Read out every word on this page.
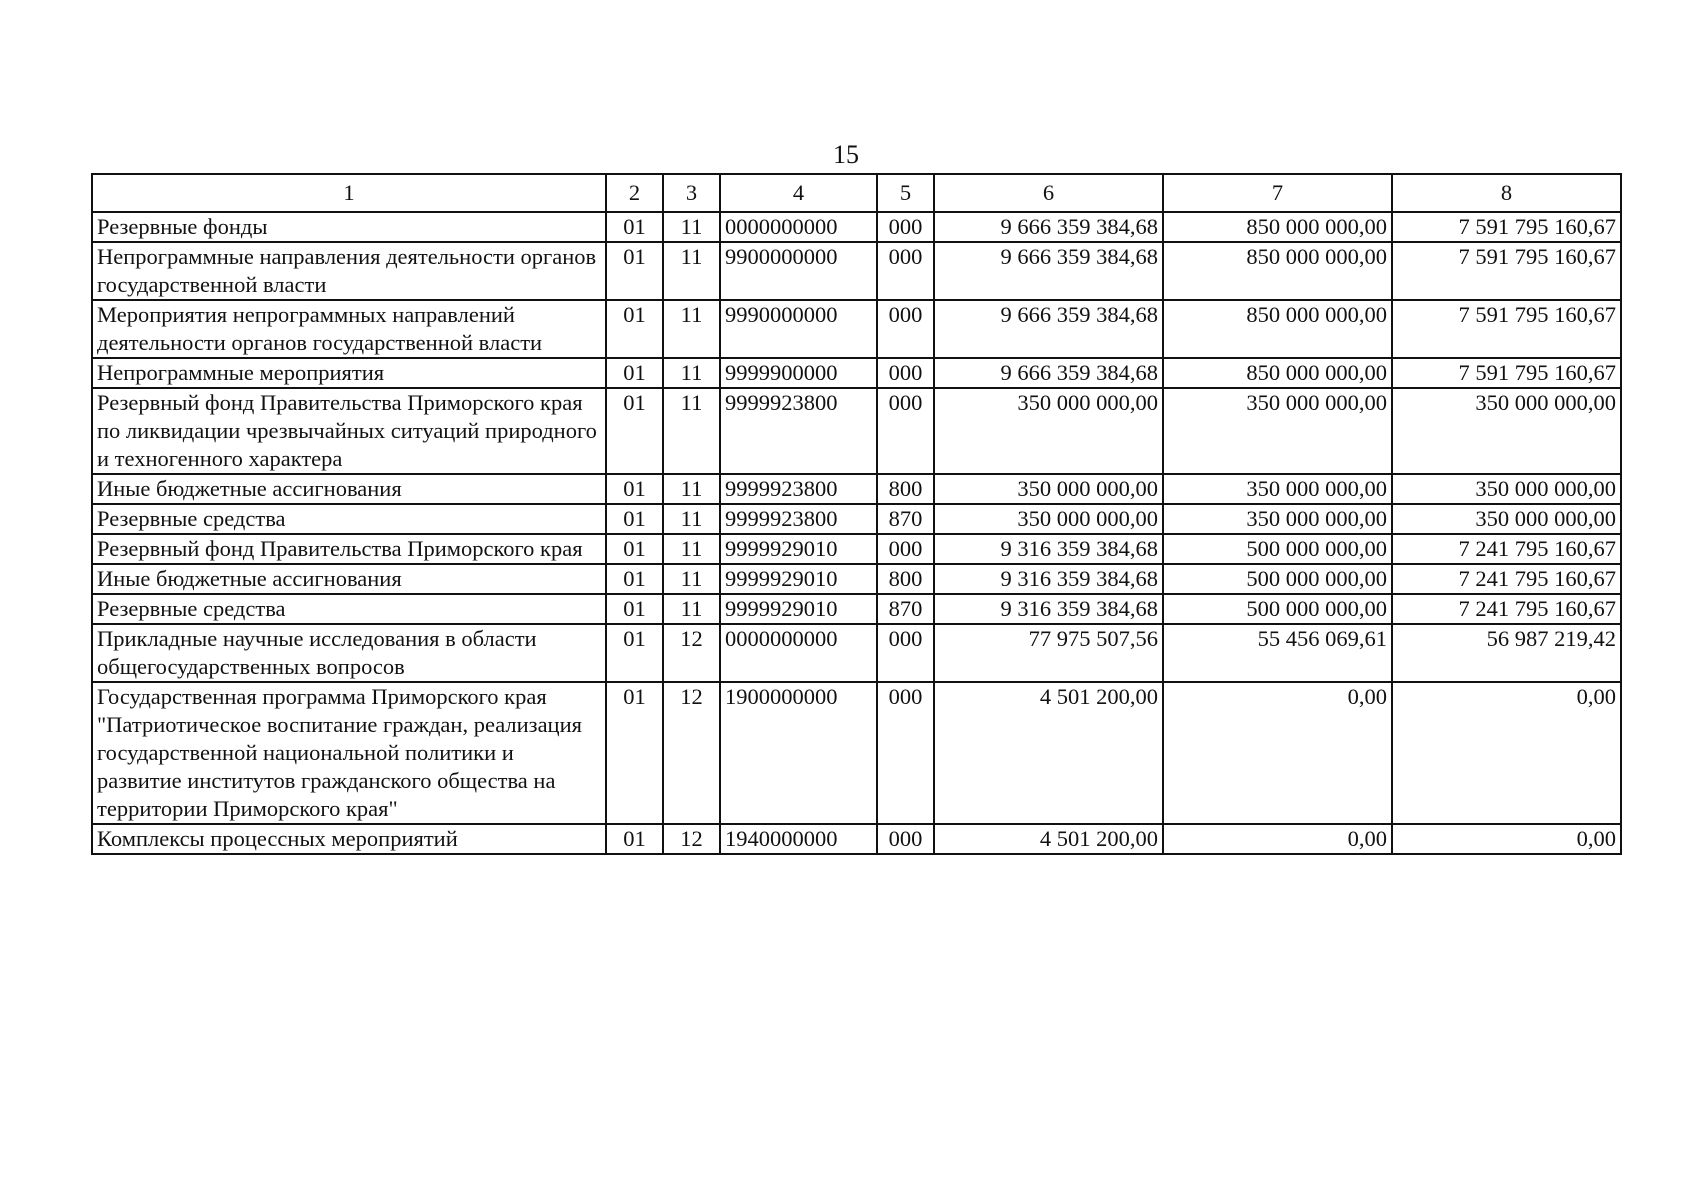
15
1	2	3	4	5	6	7	8
Резервные фонды	01	11	0000000000	000	9 666 359 384,68	850 000 000,00	7 591 795 160,67
Непрограммные направления деятельности органов государственной власти	01	11	9900000000	000	9 666 359 384,68	850 000 000,00	7 591 795 160,67
Мероприятия непрограммных направлений деятельности органов государственной власти	01	11	9990000000	000	9 666 359 384,68	850 000 000,00	7 591 795 160,67
Непрограммные мероприятия	01	11	9999900000	000	9 666 359 384,68	850 000 000,00	7 591 795 160,67
Резервный фонд Правительства Приморского края по ликвидации чрезвычайных ситуаций природного и техногенного характера	01	11	9999923800	000	350 000 000,00	350 000 000,00	350 000 000,00
Иные бюджетные ассигнования	01	11	9999923800	800	350 000 000,00	350 000 000,00	350 000 000,00
Резервные средства	01	11	9999923800	870	350 000 000,00	350 000 000,00	350 000 000,00
Резервный фонд Правительства Приморского края	01	11	9999929010	000	9 316 359 384,68	500 000 000,00	7 241 795 160,67
Иные бюджетные ассигнования	01	11	9999929010	800	9 316 359 384,68	500 000 000,00	7 241 795 160,67
Резервные средства	01	11	9999929010	870	9 316 359 384,68	500 000 000,00	7 241 795 160,67
Прикладные научные исследования в области общегосударственных вопросов	01	12	0000000000	000	77 975 507,56	55 456 069,61	56 987 219,42
Государственная программа Приморского края "Патриотическое воспитание граждан, реализация государственной национальной политики и развитие институтов гражданского общества на территории Приморского края"	01	12	1900000000	000	4 501 200,00	0,00	0,00
Комплексы процессных мероприятий	01	12	1940000000	000	4 501 200,00	0,00	0,00
